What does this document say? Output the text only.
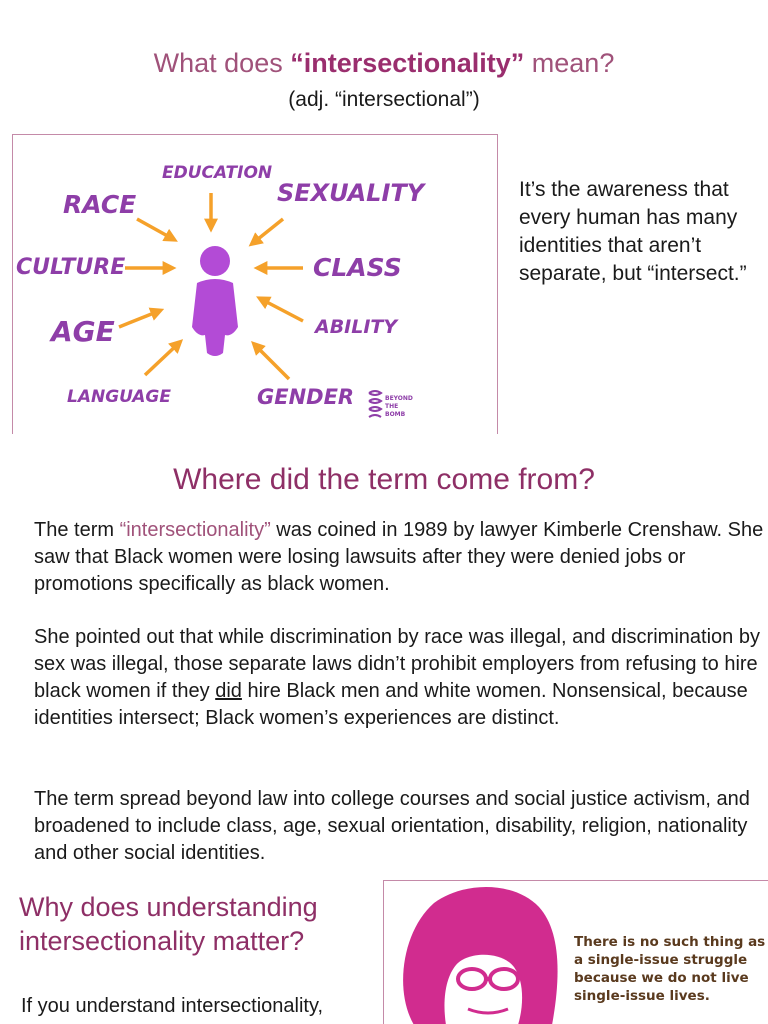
What does “intersectionality” mean?
(adj. “intersectional”)
EDUCATION
RACE	SEXUALITY
CULTURE	CLASS
AGE	ABILITY
LANGUAGE	GENDER	BEYOND
THE
BOMB
It’s the awareness that every human has many identities that aren’t separate, but “intersect.”
Where did the term come from?
The term “intersectionality” was coined in 1989 by lawyer Kimberle Crenshaw. She saw that Black women were losing lawsuits after they were denied jobs or promotions specifically as black women.
She pointed out that while discrimination by race was illegal, and discrimination by sex was illegal, those separate laws didn’t prohibit employers from refusing to hire black women if they did hire Black men and white women. Nonsensical, because identities intersect; Black women’s experiences are distinct.
The term spread beyond law into college courses and social justice activism, and broadened to include class, age, sexual orientation, disability, religion, nationality and other social identities.
Why does understanding intersectionality matter?
If you understand intersectionality,
There is no such thing as a single-issue struggle because we do not live single-issue lives.
